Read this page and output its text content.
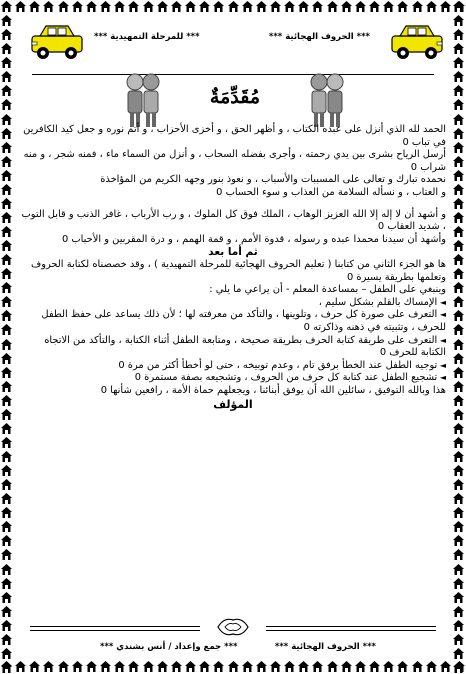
*** للمرحلة التمهيدية ***	*** الحروف الهجائية ***
مُقَدِّمَةٌ

الحمد لله الذي أنزل على عبده الكتاب ، و أظهر الحق ، و أخزى الأحزاب ، و أتم نوره و جعل كيد الكافرين في تباب 0

أرسل الرياح بشرى بين يدي رحمته ، وأجرى بفضله السحاب ، و أنزل من السماء ماء ، فمنه شجر ، و منه شراب 0

نحمده تبارك و تعالى على المسببات والأسباب ، و نعوذ بنور وجهه الكريم من المؤاخذة

و العتاب ، و نسأله السلامة من العذاب و سوء الحساب 0

و أشهد أن لا إله إلا الله العزيز الوهاب ، الملك فوق كل الملوك ، و رب الأرباب ، غافر الذنب و قابل التوب ، شديد العقاب 0

وأشهد أن سيدنا محمدا عبده و رسوله ، قدوة الأمم ، و قمة الهمم ، و درة المقربين و الأحباب 0

ثم أما بعد

ها هو الجزء الثاني من كتابنا ( تعليم الحروف الهجائية للمرحلة التمهيدية ) ، وقد خصصناه لكتابة الحروف وتعلمها بطريقة يسيرة 0

وينبغي على الطفل – بمساعدة المعلم - أن يراعي ما يلي :

◄ الإمساك بالقلم بشكل سليم ،

◄ التعرف على صورة كل حرف ، وتلوينها ، والتأكد من معرفته لها ؛ لأن ذلك يساعد على حفظ الطفل للحرف ، وتثبيته في ذهنه وذاكرته 0

◄ التعرف على طريقة كتابة الحرف بطريقة صحيحة ، ومتابعة الطفل أثناء الكتابة ، والتأكد من الاتجاه الكتابة للحرف 0

◄ توجيه الطفل عند الخطأ برفق تام ، وعدم توبيخه ، حتى لو أخطأ أكثر من مرة 0

◄ تشجيع الطفل عند كتابة كل حرف من الحروف ، وتشجيعه بصفة مستمرة 0

هذا وبالله التوفيق ، سائلين الله أن يوفق أبنائنا ، ويجعلهم حماة الأمة ، رافعين شأنها 0

المؤلف
*** الحروف الهجائية ***
*** جمع وإعداد / أنس بشندي ***
